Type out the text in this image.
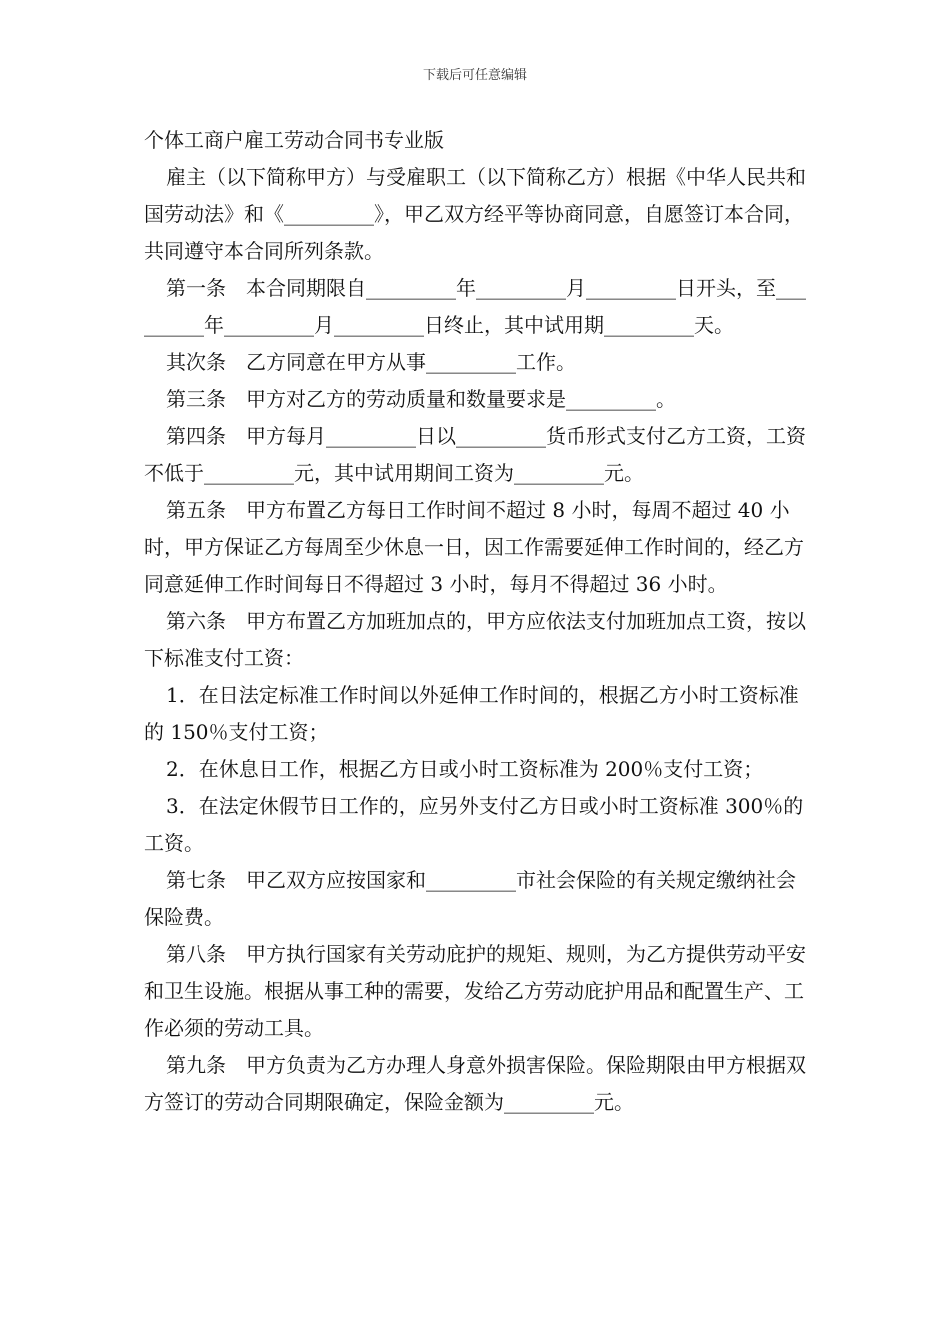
下载后可任意编辑
个体工商户雇工劳动合同书专业版

雇主（以下简称甲方）与受雇职工（以下简称乙方）根据《中华人民共和国劳动法》和《_________》，甲乙双方经平等协商同意，自愿签订本合同，共同遵守本合同所列条款。

第一条　本合同期限自_________年_________月_________日开头，至_________年_________月_________日终止，其中试用期_________天。

其次条　乙方同意在甲方从事_________工作。

第三条　甲方对乙方的劳动质量和数量要求是_________。

第四条　甲方每月_________日以_________货币形式支付乙方工资，工资不低于_________元，其中试用期间工资为_________元。

第五条　甲方布置乙方每日工作时间不超过 8 小时，每周不超过 40 小时，甲方保证乙方每周至少休息一日，因工作需要延伸工作时间的，经乙方同意延伸工作时间每日不得超过 3 小时，每月不得超过 36 小时。

第六条　甲方布置乙方加班加点的，甲方应依法支付加班加点工资，按以下标准支付工资：

1．在日法定标准工作时间以外延伸工作时间的，根据乙方小时工资标准的 150％支付工资；

2．在休息日工作，根据乙方日或小时工资标准为 200％支付工资；

3．在法定休假节日工作的，应另外支付乙方日或小时工资标准 300％的工资。

第七条　甲乙双方应按国家和_________市社会保险的有关规定缴纳社会保险费。

第八条　甲方执行国家有关劳动庇护的规矩、规则，为乙方提供劳动平安和卫生设施。根据从事工种的需要，发给乙方劳动庇护用品和配置生产、工作必须的劳动工具。

第九条　甲方负责为乙方办理人身意外损害保险。保险期限由甲方根据双方签订的劳动合同期限确定，保险金额为_________元。
